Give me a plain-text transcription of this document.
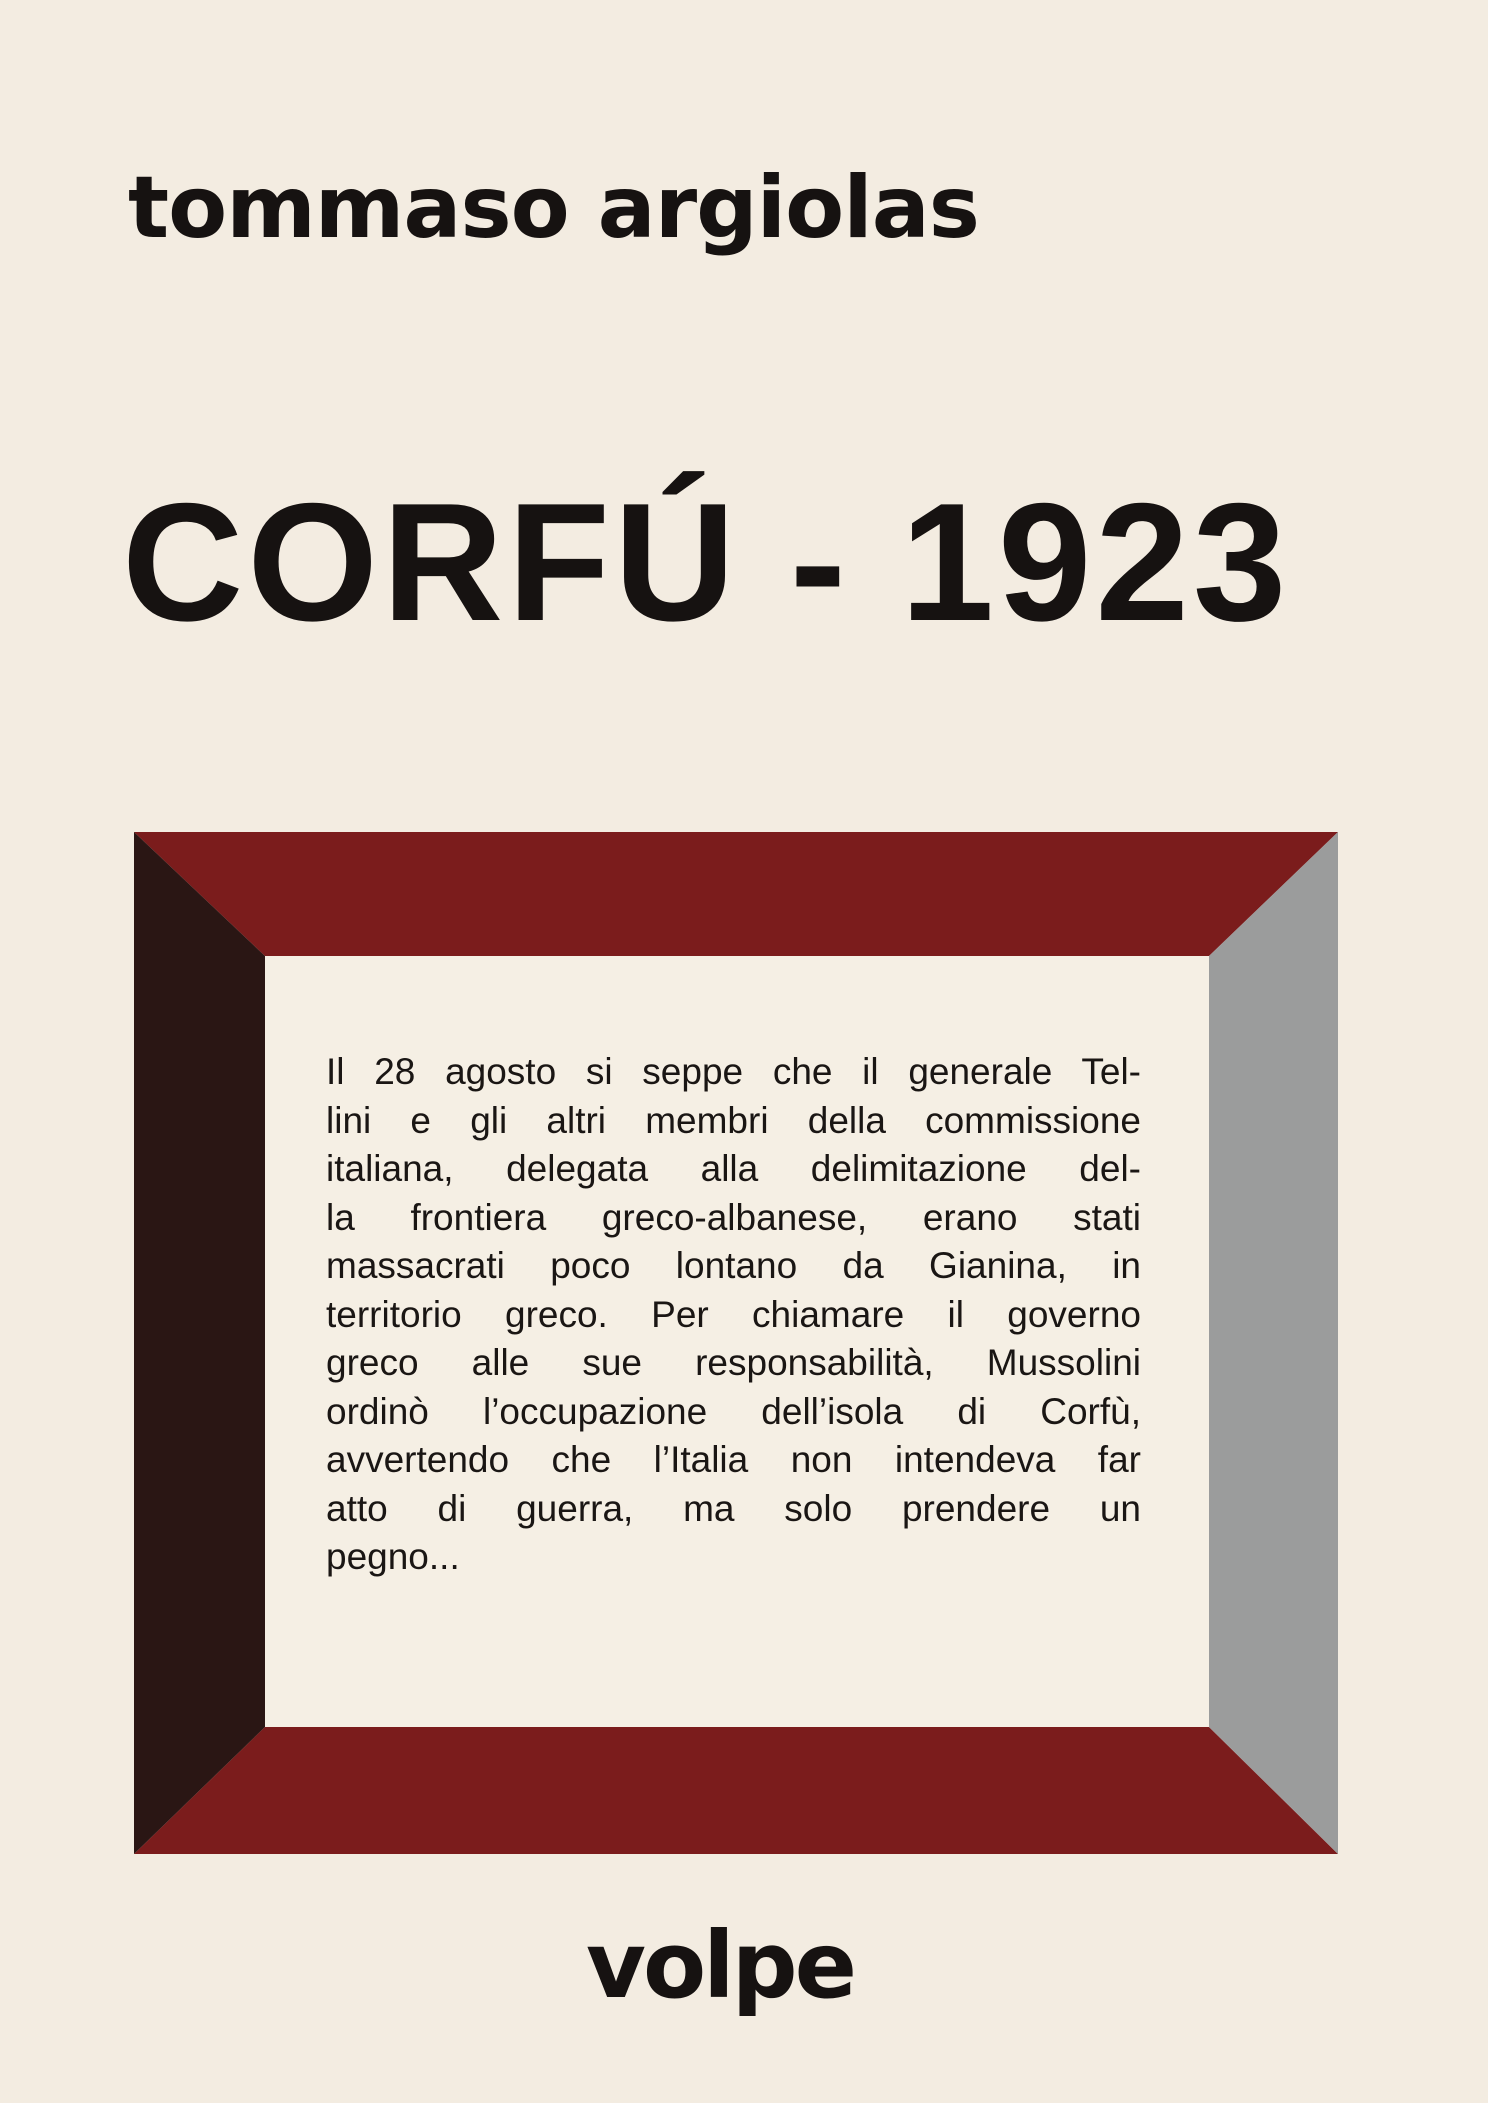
tommaso argiolas
CORFÚ - 1923
Il 28 agosto si seppe che il generale Tel-
lini e gli altri membri della commissione
italiana, delegata alla delimitazione del-
la frontiera greco-albanese, erano stati
massacrati poco lontano da Gianina, in
territorio greco. Per chiamare il governo
greco alle sue responsabilità, Mussolini
ordinò l’occupazione dell’isola di Corfù,
avvertendo che l’Italia non intendeva far
atto di guerra, ma solo prendere un
pegno...
volpe
